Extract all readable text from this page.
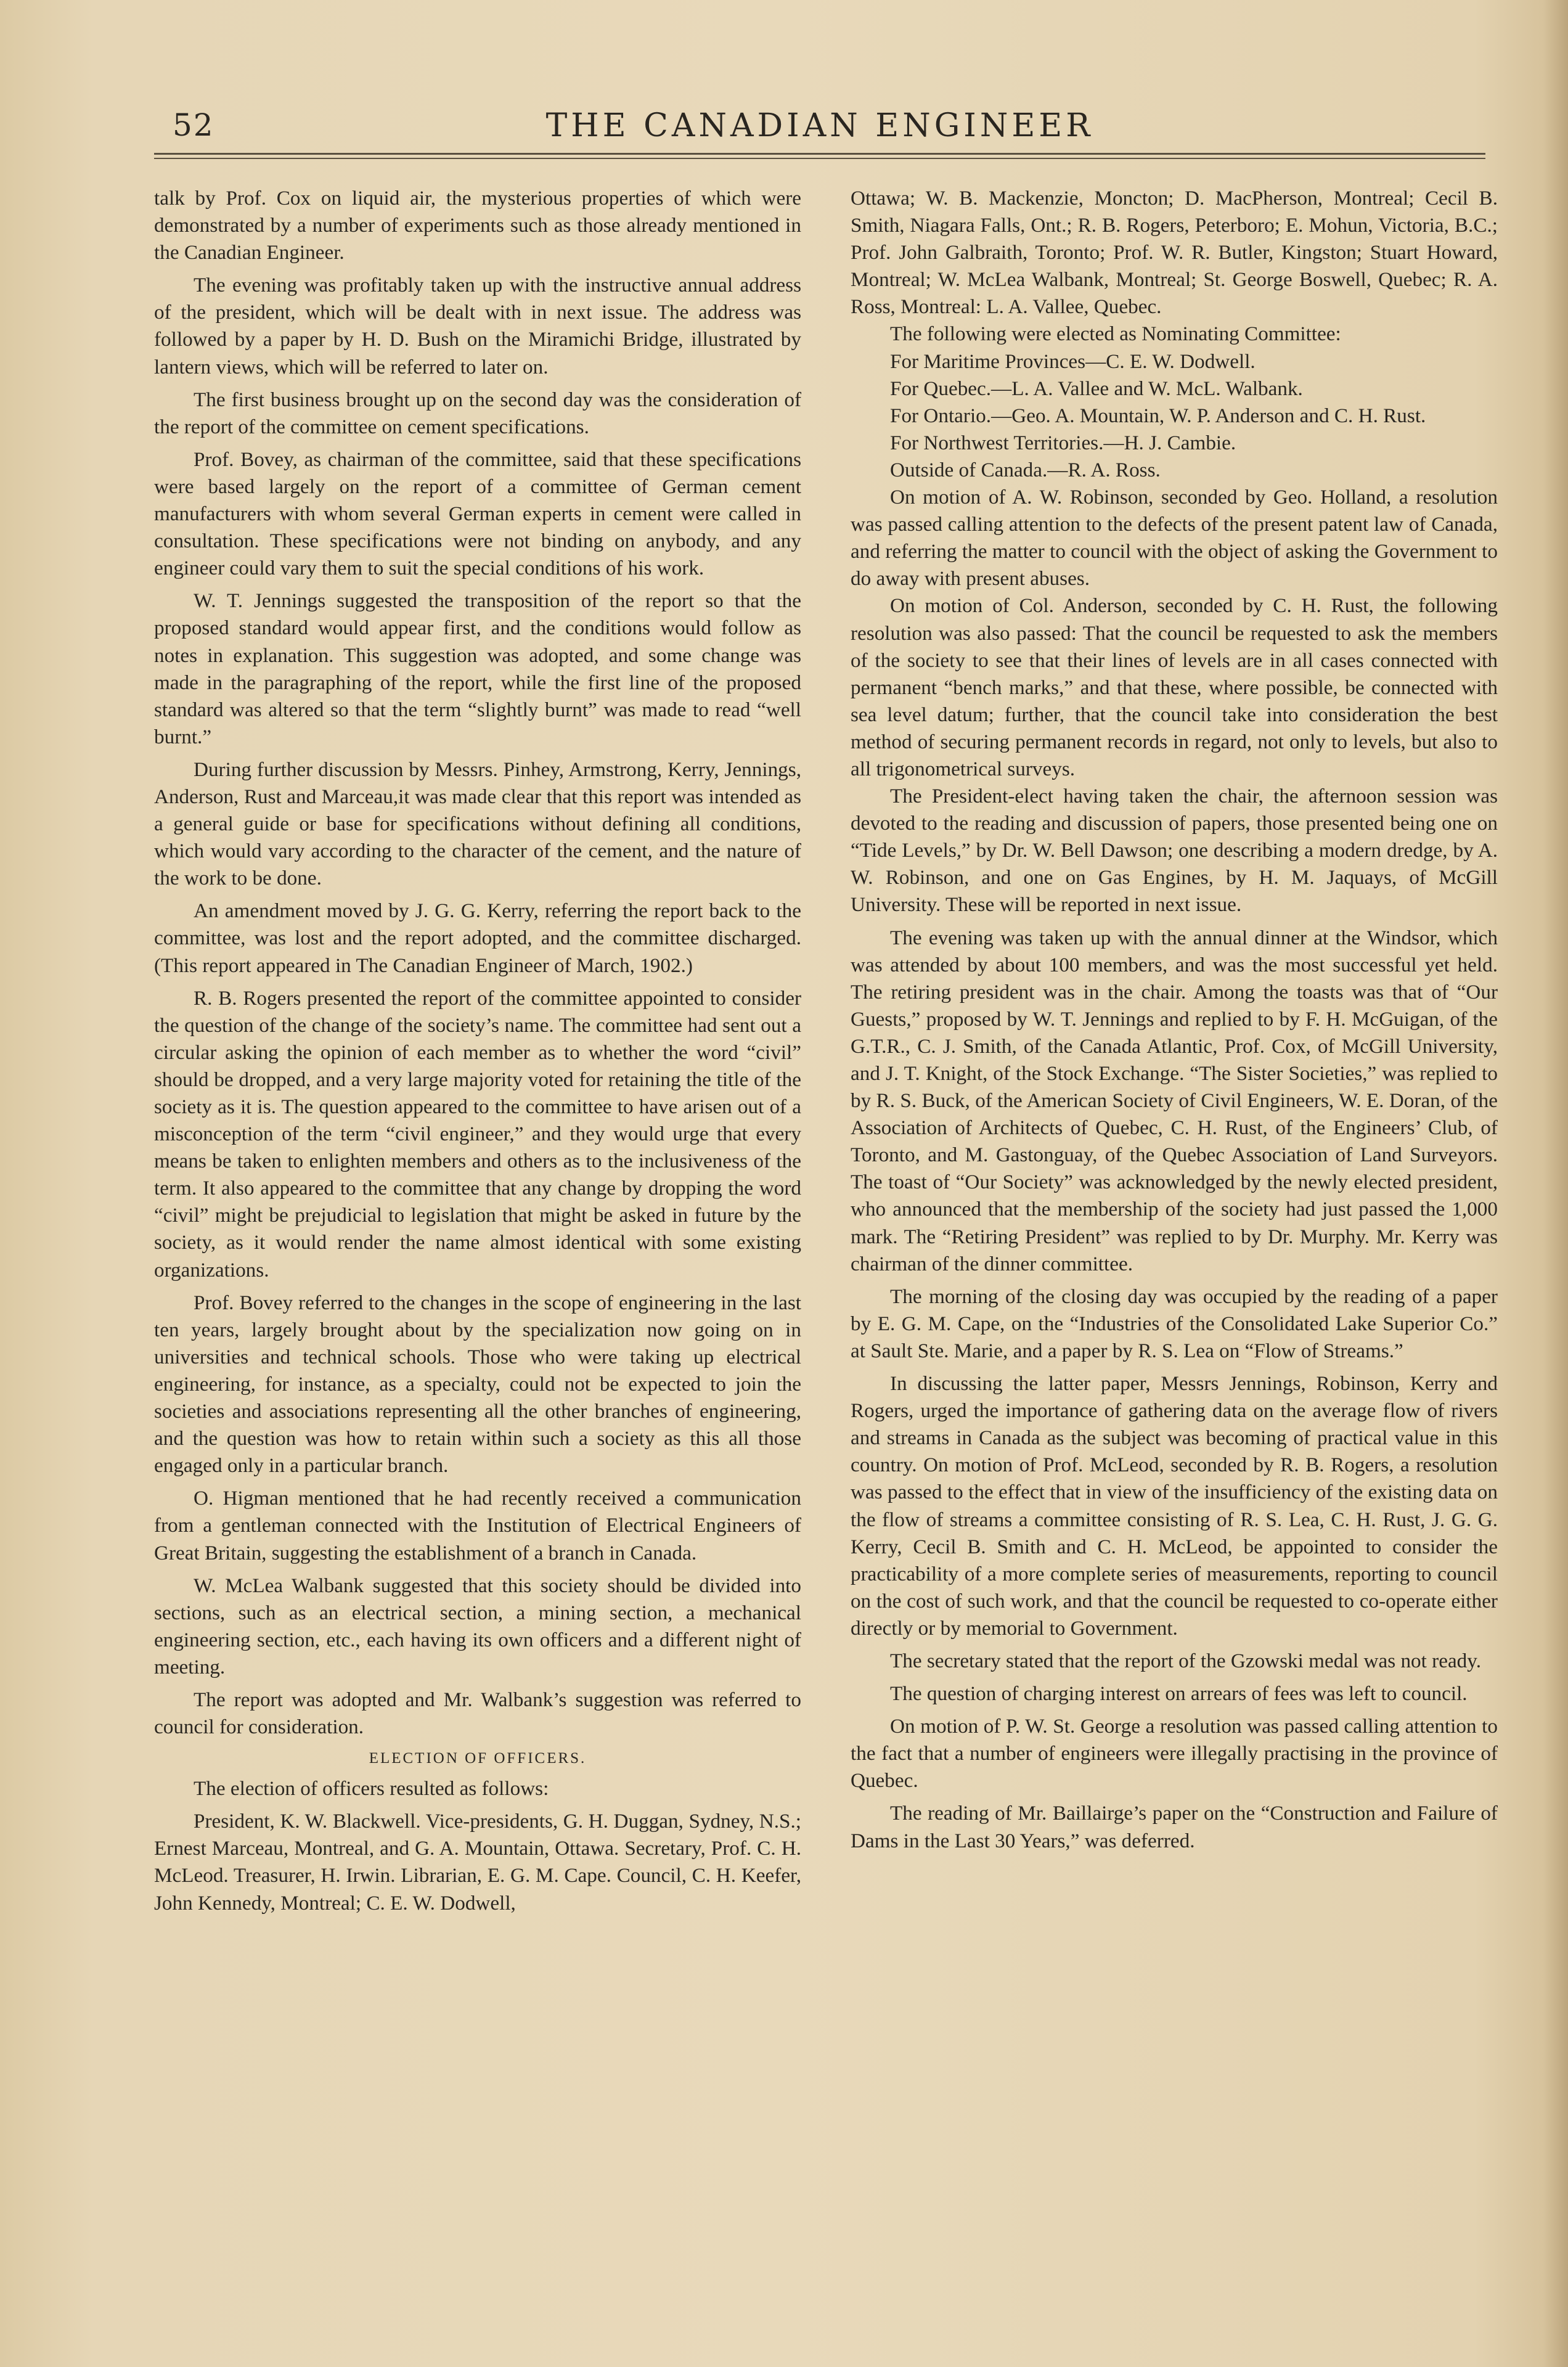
52	THE CANADIAN ENGINEER

talk by Prof. Cox on liquid air, the mysterious properties of which were demonstrated by a number of experiments such as those already mentioned in the Canadian Engineer.

The evening was profitably taken up with the instructive annual address of the president, which will be dealt with in next issue. The address was followed by a paper by H. D. Bush on the Miramichi Bridge, illustrated by lantern views, which will be referred to later on.

The first business brought up on the second day was the consideration of the report of the committee on cement specifications.

Prof. Bovey, as chairman of the committee, said that these specifications were based largely on the report of a committee of German cement manufacturers with whom several German experts in cement were called in consultation. These specifications were not binding on anybody, and any engineer could vary them to suit the special conditions of his work.

W. T. Jennings suggested the transposition of the report so that the proposed standard would appear first, and the conditions would follow as notes in explanation. This suggestion was adopted, and some change was made in the paragraphing of the report, while the first line of the proposed standard was altered so that the term “slightly burnt” was made to read “well burnt.”

During further discussion by Messrs. Pinhey, Armstrong, Kerry, Jennings, Anderson, Rust and Marceau,it was made clear that this report was intended as a general guide or base for specifications without defining all conditions, which would vary according to the character of the cement, and the nature of the work to be done.

An amendment moved by J. G. G. Kerry, referring the report back to the committee, was lost and the report adopted, and the committee discharged. (This report appeared in The Canadian Engineer of March, 1902.)

R. B. Rogers presented the report of the committee appointed to consider the question of the change of the society’s name. The committee had sent out a circular asking the opinion of each member as to whether the word “civil” should be dropped, and a very large majority voted for retaining the title of the society as it is. The question appeared to the committee to have arisen out of a misconception of the term “civil engineer,” and they would urge that every means be taken to enlighten members and others as to the inclusiveness of the term. It also appeared to the committee that any change by dropping the word “civil” might be prejudicial to legislation that might be asked in future by the society, as it would render the name almost identical with some existing organizations.

Prof. Bovey referred to the changes in the scope of engineering in the last ten years, largely brought about by the specialization now going on in universities and technical schools. Those who were taking up electrical engineering, for instance, as a specialty, could not be expected to join the societies and associations representing all the other branches of engineering, and the question was how to retain within such a society as this all those engaged only in a particular branch.

O. Higman mentioned that he had recently received a communication from a gentleman connected with the Institution of Electrical Engineers of Great Britain, suggesting the establishment of a branch in Canada.

W. McLea Walbank suggested that this society should be divided into sections, such as an electrical section, a mining section, a mechanical engineering section, etc., each having its own officers and a different night of meeting.

The report was adopted and Mr. Walbank’s suggestion was referred to council for consideration.

ELECTION OF OFFICERS.

The election of officers resulted as follows:

President, K. W. Blackwell. Vice-presidents, G. H. Duggan, Sydney, N.S.; Ernest Marceau, Montreal, and G. A. Mountain, Ottawa. Secretary, Prof. C. H. McLeod. Treasurer, H. Irwin. Librarian, E. G. M. Cape. Council, C. H. Keefer, John Kennedy, Montreal; C. E. W. Dodwell,

Ottawa; W. B. Mackenzie, Moncton; D. MacPherson, Montreal; Cecil B. Smith, Niagara Falls, Ont.; R. B. Rogers, Peterboro; E. Mohun, Victoria, B.C.; Prof. John Galbraith, Toronto; Prof. W. R. Butler, Kingston; Stuart Howard, Montreal; W. McLea Walbank, Montreal; St. George Boswell, Quebec; R. A. Ross, Montreal: L. A. Vallee, Quebec.

The following were elected as Nominating Committee:

For Maritime Provinces—C. E. W. Dodwell.

For Quebec.—L. A. Vallee and W. McL. Walbank.

For Ontario.—Geo. A. Mountain, W. P. Anderson and C. H. Rust.

For Northwest Territories.—H. J. Cambie.

Outside of Canada.—R. A. Ross.

On motion of A. W. Robinson, seconded by Geo. Holland, a resolution was passed calling attention to the defects of the present patent law of Canada, and referring the matter to council with the object of asking the Government to do away with present abuses.

On motion of Col. Anderson, seconded by C. H. Rust, the following resolution was also passed: That the council be requested to ask the members of the society to see that their lines of levels are in all cases connected with permanent “bench marks,” and that these, where possible, be connected with sea level datum; further, that the council take into consideration the best method of securing permanent records in regard, not only to levels, but also to all trigonometrical surveys.

The President-elect having taken the chair, the afternoon session was devoted to the reading and discussion of papers, those presented being one on “Tide Levels,” by Dr. W. Bell Dawson; one describing a modern dredge, by A. W. Robinson, and one on Gas Engines, by H. M. Jaquays, of McGill University. These will be reported in next issue.

The evening was taken up with the annual dinner at the Windsor, which was attended by about 100 members, and was the most successful yet held. The retiring president was in the chair. Among the toasts was that of “Our Guests,” proposed by W. T. Jennings and replied to by F. H. McGuigan, of the G.T.R., C. J. Smith, of the Canada Atlantic, Prof. Cox, of McGill University, and J. T. Knight, of the Stock Exchange. “The Sister Societies,” was replied to by R. S. Buck, of the American Society of Civil Engineers, W. E. Doran, of the Association of Architects of Quebec, C. H. Rust, of the Engineers’ Club, of Toronto, and M. Gastonguay, of the Quebec Association of Land Surveyors. The toast of “Our Society” was acknowledged by the newly elected president, who announced that the membership of the society had just passed the 1,000 mark. The “Retiring President” was replied to by Dr. Murphy. Mr. Kerry was chairman of the dinner committee.

The morning of the closing day was occupied by the reading of a paper by E. G. M. Cape, on the “Industries of the Consolidated Lake Superior Co.” at Sault Ste. Marie, and a paper by R. S. Lea on “Flow of Streams.”

In discussing the latter paper, Messrs Jennings, Robinson, Kerry and Rogers, urged the importance of gathering data on the average flow of rivers and streams in Canada as the subject was becoming of practical value in this country. On motion of Prof. McLeod, seconded by R. B. Rogers, a resolution was passed to the effect that in view of the insufficiency of the existing data on the flow of streams a committee consisting of R. S. Lea, C. H. Rust, J. G. G. Kerry, Cecil B. Smith and C. H. McLeod, be appointed to consider the practicability of a more complete series of measurements, reporting to council on the cost of such work, and that the council be requested to co-operate either directly or by memorial to Government.

The secretary stated that the report of the Gzowski medal was not ready.

The question of charging interest on arrears of fees was left to council.

On motion of P. W. St. George a resolution was passed calling attention to the fact that a number of engineers were illegally practising in the province of Quebec.

The reading of Mr. Baillairge’s paper on the “Construction and Failure of Dams in the Last 30 Years,” was deferred.
